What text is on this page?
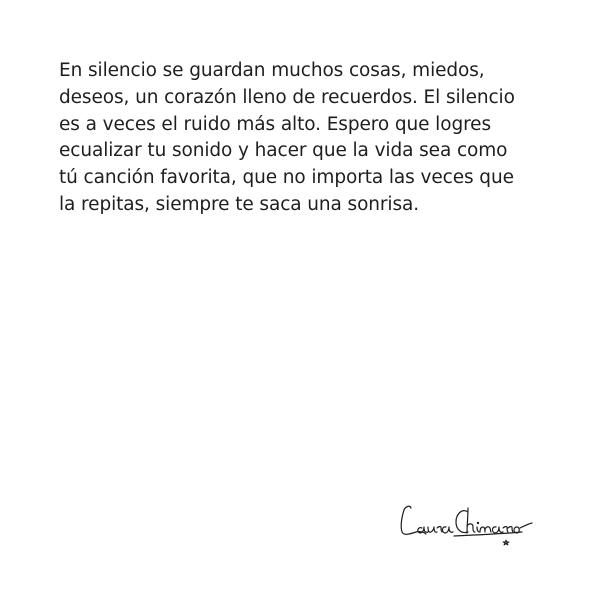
En silencio se guardan muchos cosas, miedos,
deseos, un corazón lleno de recuerdos. El silencio
es a veces el ruido más alto. Espero que logres
ecualizar tu sonido y hacer que la vida sea como
tú canción favorita, que no importa las veces que
la repitas, siempre te saca una sonrisa.
